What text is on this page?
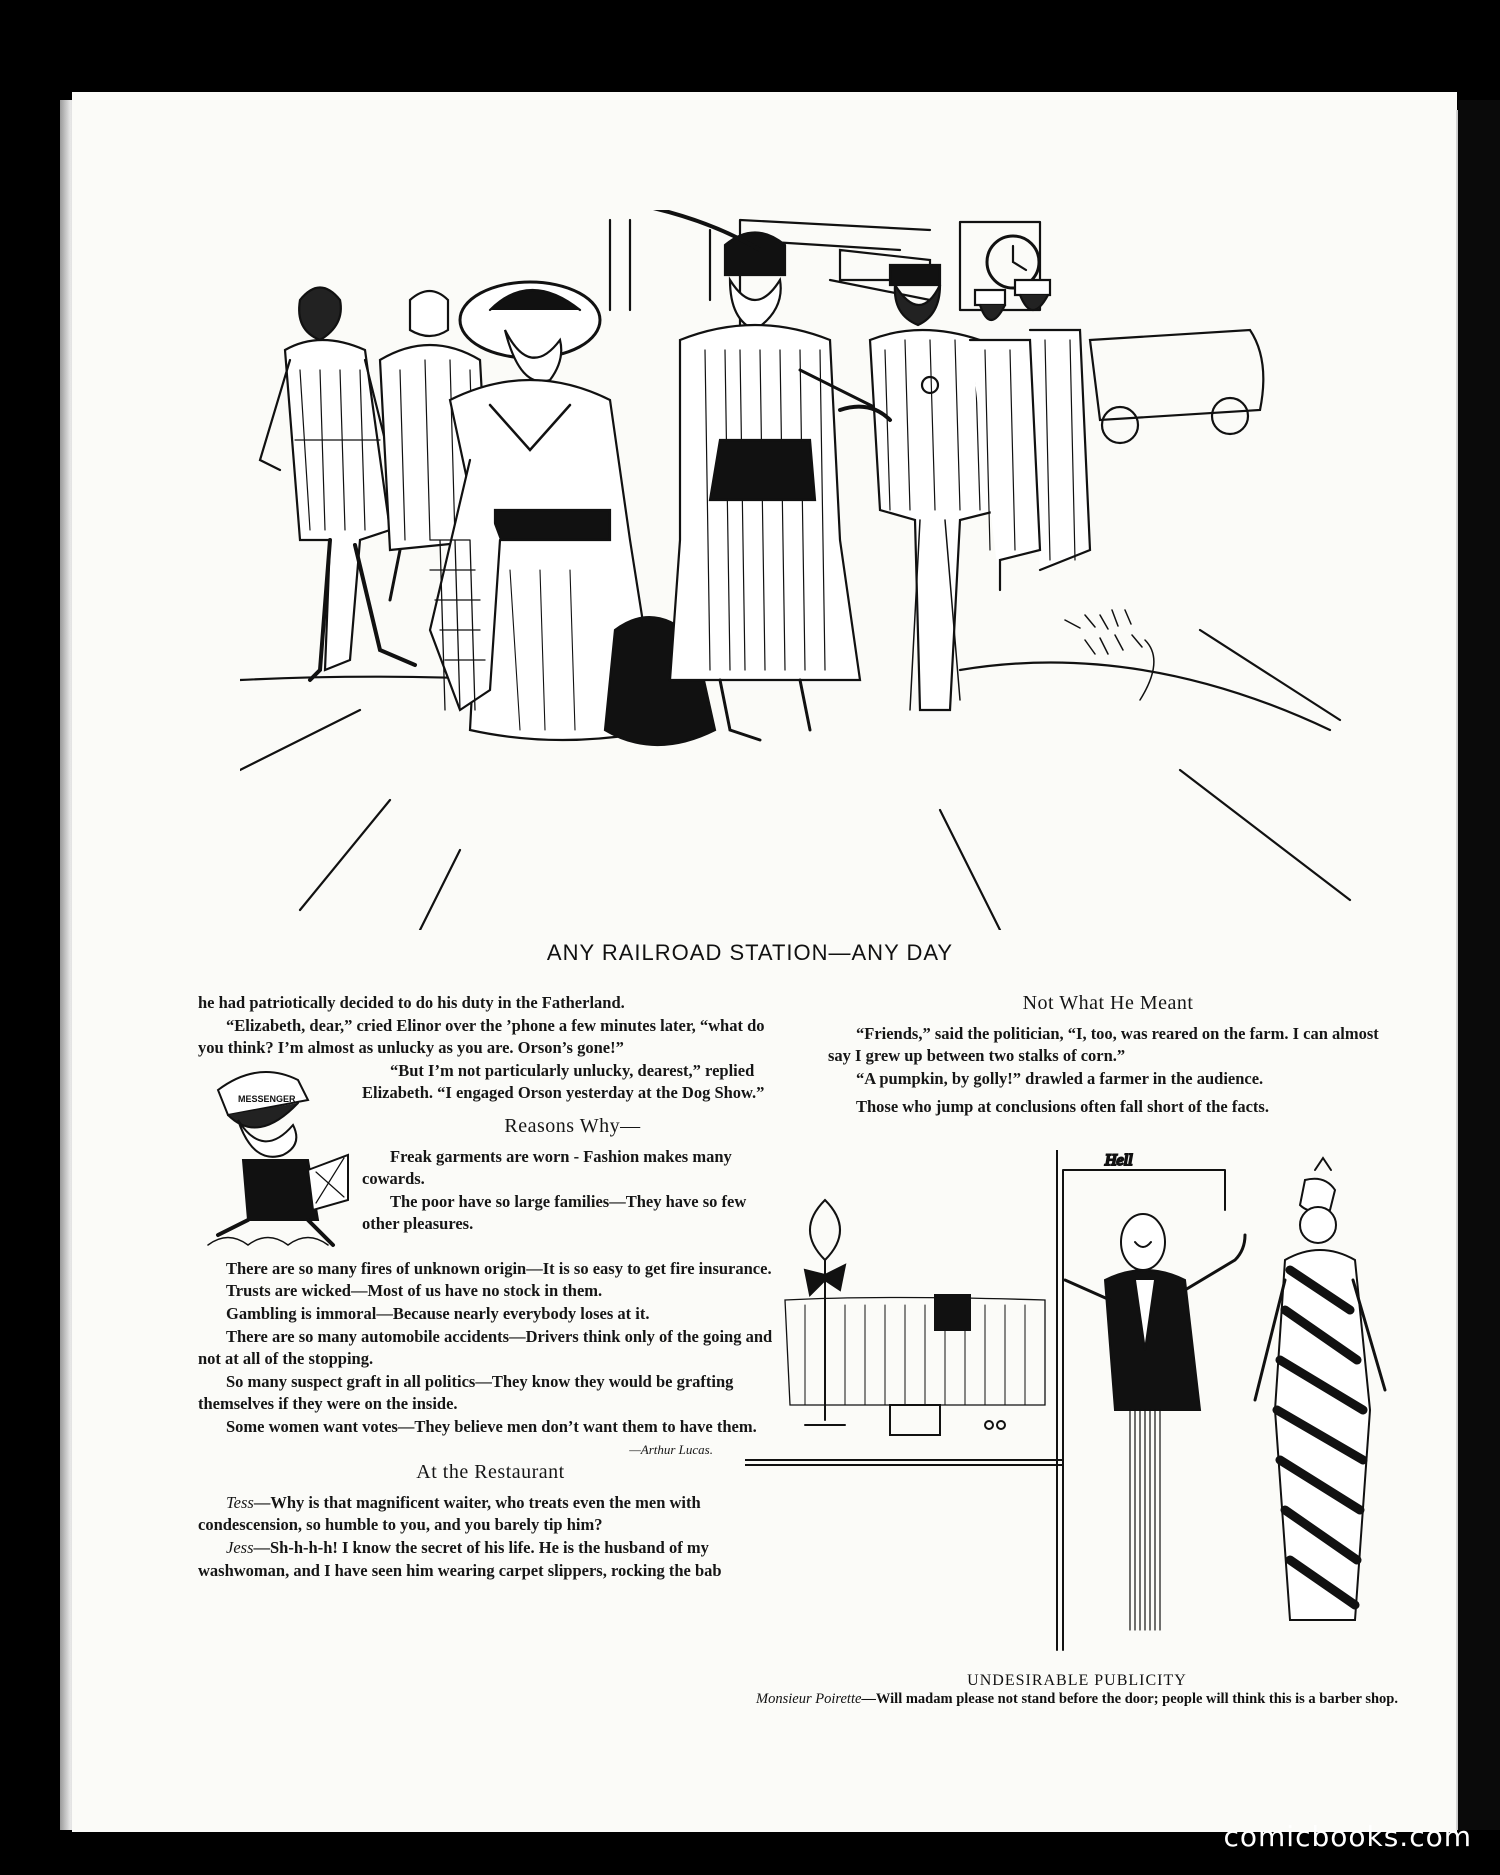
ANY RAILROAD STATION—ANY DAY

he had patriotically decided to do his duty in the Fatherland.

“Elizabeth, dear,” cried Elinor over the ’phone a few minutes later, “what do you think? I’m almost as unlucky as you are. Orson’s gone!”

MESSENGER

“But I’m not particularly unlucky, dearest,” replied Elizabeth. “I engaged Orson yesterday at the Dog Show.”

Reasons Why—

Freak garments are worn - Fashion makes many cowards.

The poor have so large families—They have so few other pleasures.

There are so many fires of unknown origin—It is so easy to get fire insurance.

Trusts are wicked—Most of us have no stock in them.

Gambling is immoral—Because nearly everybody loses at it.

There are so many automobile accidents—Drivers think only of the going and not at all of the stopping.

So many suspect graft in all politics—They know they would be grafting themselves if they were on the inside.

Some women want votes—They believe men don’t want them to have them.
—Arthur Lucas.

At the Restaurant

Tess—Why is that magnificent waiter, who treats even the men with condescension, so humble to you, and you barely tip him?

Jess—Sh-h-h-h! I know the secret of his life. He is the husband of my washwoman, and I have seen him wearing carpet slippers, rocking the bab

Not What He Meant

“Friends,” said the politician, “I, too, was reared on the farm. I can almost say I grew up between two stalks of corn.”

“A pumpkin, by golly!” drawled a farmer in the audience.

Those who jump at conclusions often fall short of the facts.

Hell
UNDESIRABLE PUBLICITY
Monsieur Poirette—Will madam please not stand before the door; people will think this is a barber shop.
comicbooks.com
